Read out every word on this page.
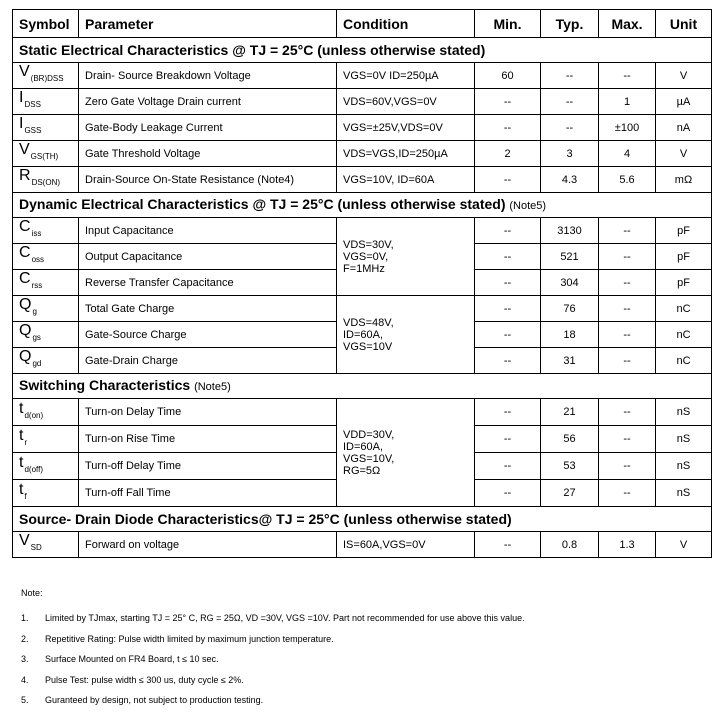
Symbol	Parameter	Condition	Min.	Typ.	Max.	Unit
Static Electrical Characteristics @ TJ = 25°C (unless otherwise stated)						
$V_{(BR)DSS}$	Drain- Source Breakdown Voltage	VGS=0V ID=250µA	60	--	--	V
$I_{DSS}$	Zero Gate Voltage Drain current	VDS=60V,VGS=0V	--	--	1	µA
$I_{GSS}$	Gate-Body Leakage Current	VGS=±25V,VDS=0V	--	--	±100	nA
$V_{GS(TH)}$	Gate Threshold Voltage	VDS=VGS,ID=250µA	2	3	4	V
$R_{DS(ON)}$	Drain-Source On-State Resistance (Note4)	VGS=10V, ID=60A	--	4.3	5.6	mΩ
Dynamic Electrical Characteristics @ TJ = 25°C (unless otherwise stated) (Note5)						
$C_{iss}$	Input Capacitance	VDS=30V,
VGS=0V,
F=1MHz	--	3130	--	pF
$C_{oss}$	Output Capacitance		--	521	--	pF
$C_{rss}$	Reverse Transfer Capacitance		--	304	--	pF
$Q_g$	Total Gate Charge	VDS=48V,
ID=60A,
VGS=10V	--	76	--	nC
$Q_{gs}$	Gate-Source Charge		--	18	--	nC
$Q_{gd}$	Gate-Drain Charge		--	31	--	nC
Switching Characteristics (Note5)						
$t_{d(on)}$	Turn-on Delay Time	VDD=30V,
ID=60A,
VGS=10V,
RG=5Ω	--	21	--	nS
$t_r$	Turn-on Rise Time		--	56	--	nS
$t_{d(off)}$	Turn-off Delay Time		--	53	--	nS
$t_f$	Turn-off Fall Time		--	27	--	nS
Source- Drain Diode Characteristics@ TJ = 25°C (unless otherwise stated)						
$V_{SD}$	Forward on voltage	IS=60A,VGS=0V	--	0.8	1.3	V
Note:
1. Limited by TJmax, starting TJ = 25° C, RG = 25Ω, VD =30V, VGS =10V. Part not recommended for use above this value.
2. Repetitive Rating: Pulse width limited by maximum junction temperature.
3. Surface Mounted on FR4 Board, t ≤ 10 sec.
4. Pulse Test: pulse width ≤ 300 us, duty cycle ≤ 2%.
5. Guranteed by design, not subject to production testing.
